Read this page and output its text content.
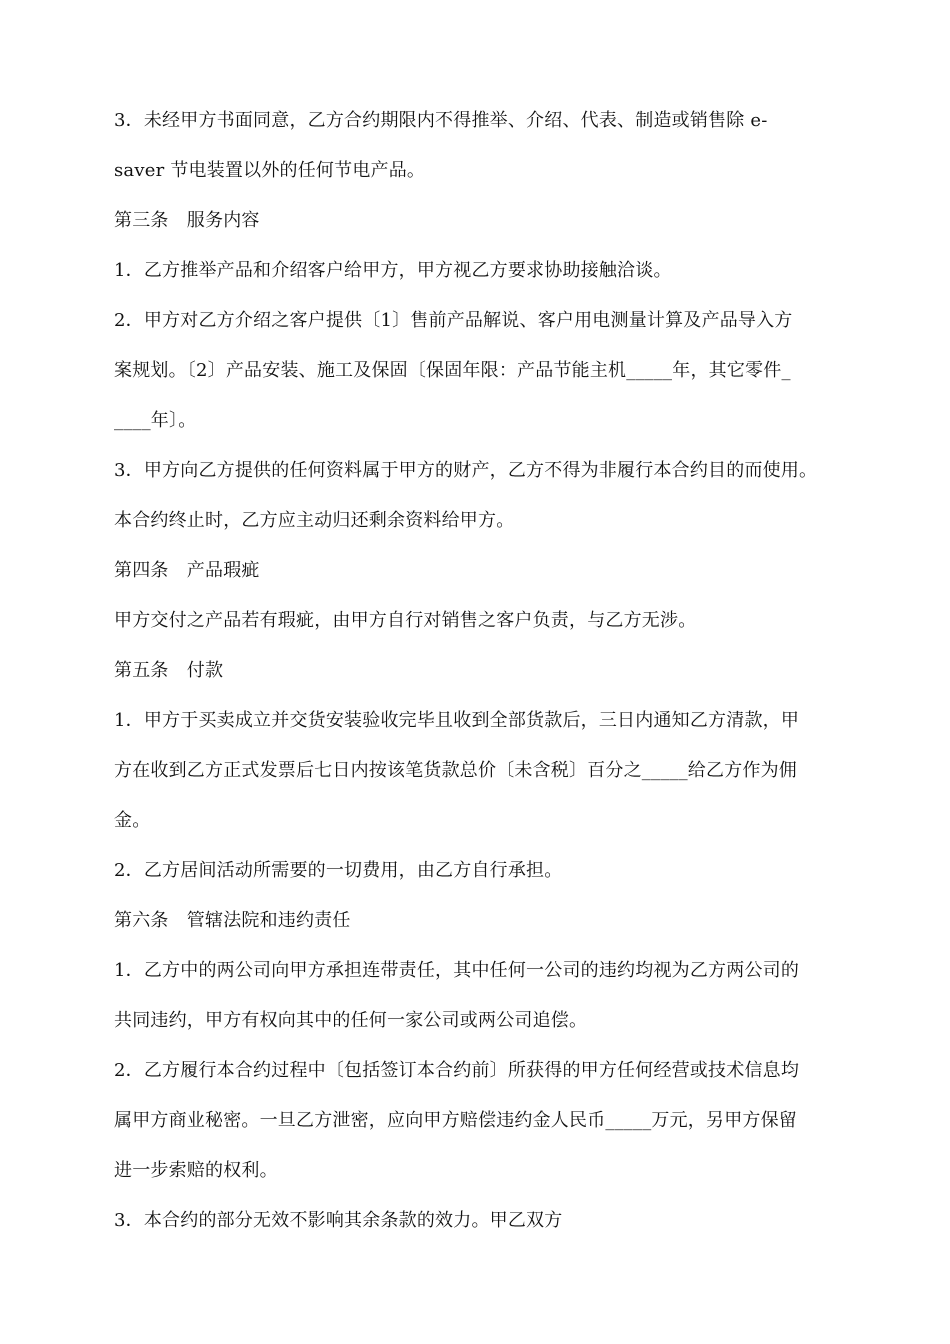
3．未经甲方书面同意，乙方合约期限内不得推举、介绍、代表、制造或销售除 e-
saver 节电装置以外的任何节电产品。
第三条　服务内容
1．乙方推举产品和介绍客户给甲方，甲方视乙方要求协助接触洽谈。
2．甲方对乙方介绍之客户提供〔1〕售前产品解说、客户用电测量计算及产品导入方
案规划。〔2〕产品安装、施工及保固〔保固年限：产品节能主机_____年，其它零件_
____年〕。
3．甲方向乙方提供的任何资料属于甲方的财产，乙方不得为非履行本合约目的而使用。
本合约终止时，乙方应主动归还剩余资料给甲方。
第四条　产品瑕疵
甲方交付之产品若有瑕疵，由甲方自行对销售之客户负责，与乙方无涉。
第五条　付款
1．甲方于买卖成立并交货安装验收完毕且收到全部货款后，三日内通知乙方清款，甲
方在收到乙方正式发票后七日内按该笔货款总价〔未含税〕百分之_____给乙方作为佣
金。
2．乙方居间活动所需要的一切费用，由乙方自行承担。
第六条　管辖法院和违约责任
1．乙方中的两公司向甲方承担连带责任，其中任何一公司的违约均视为乙方两公司的
共同违约，甲方有权向其中的任何一家公司或两公司追偿。
2．乙方履行本合约过程中〔包括签订本合约前〕所获得的甲方任何经营或技术信息均
属甲方商业秘密。一旦乙方泄密，应向甲方赔偿违约金人民币_____万元，另甲方保留
进一步索赔的权利。
3．本合约的部分无效不影响其余条款的效力。甲乙双方
